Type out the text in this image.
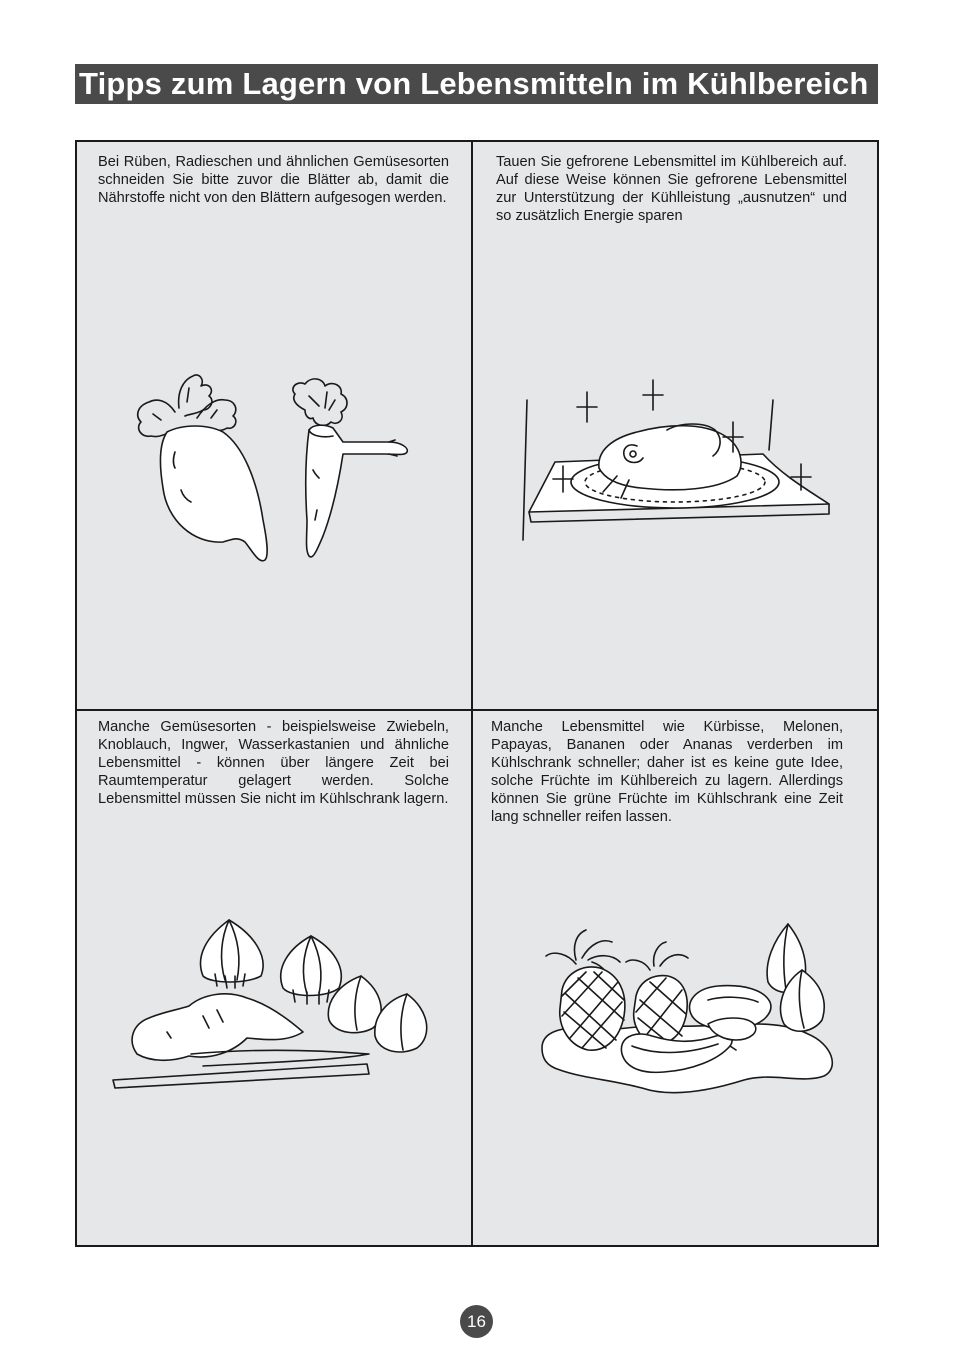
Tipps zum Lagern von Lebensmitteln im Kühlbereich
Bei Rüben, Radieschen und ähnlichen Gemüsesorten schneiden Sie bitte zuvor die Blätter ab, damit die Nährstoffe nicht von den Blättern aufgesogen werden.
Tauen Sie gefrorene Lebensmittel im Kühlbereich auf. Auf diese Weise können Sie gefrorene Lebensmittel zur Unterstützung der Kühlleistung „ausnutzen“ und so zusätzlich Energie sparen
Manche Gemüsesorten - beispielsweise Zwiebeln, Knoblauch, Ingwer, Wasserkastanien und ähnliche Lebensmittel - können über längere Zeit bei Raumtemperatur gelagert werden. Solche Lebensmittel müssen Sie nicht im Kühlschrank lagern.
Manche Lebensmittel wie Kürbisse, Melonen, Papayas, Bananen oder Ananas verderben im Kühlschrank schneller; daher ist es keine gute Idee, solche Früchte im Kühlbereich zu lagern. Allerdings können Sie grüne Früchte im Kühlschrank eine Zeit lang schneller reifen lassen.
16
